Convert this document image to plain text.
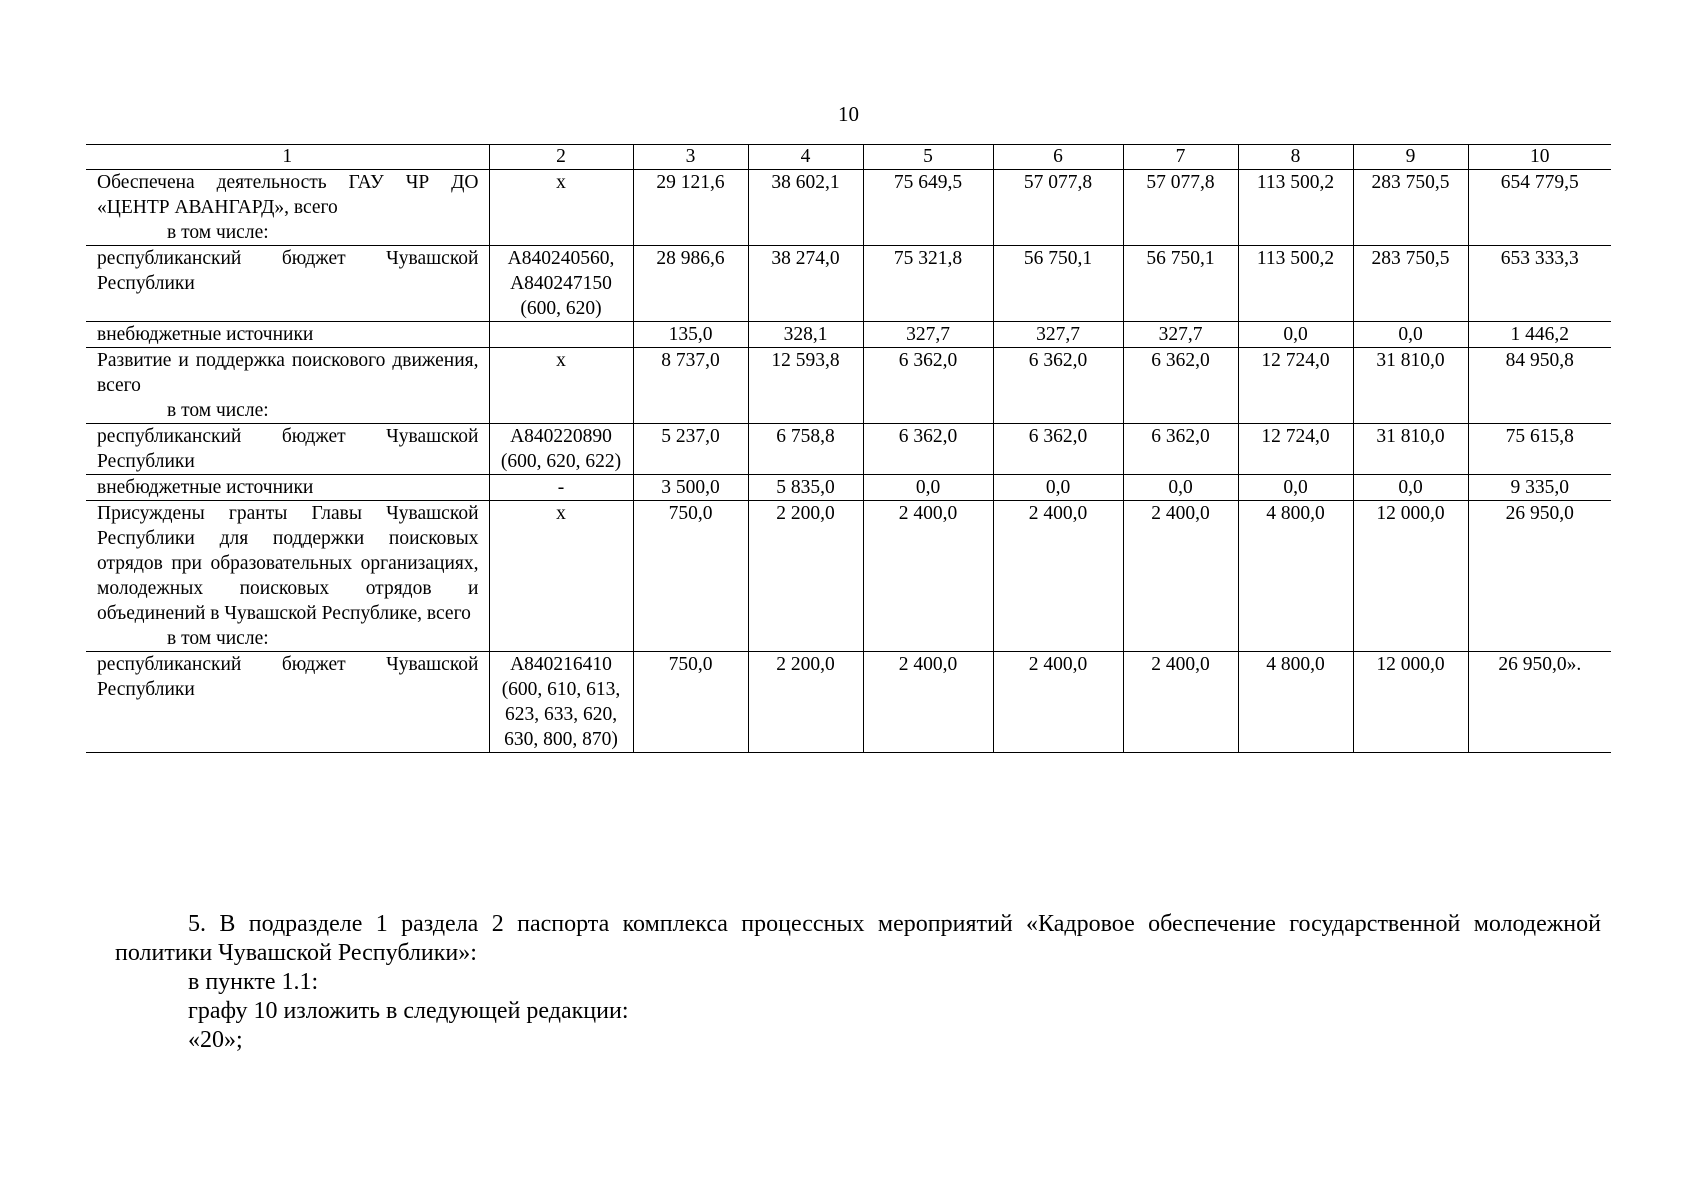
10
1	2	3	4	5	6	7	8	9	10
Обеспечена деятельность ГАУ ЧР ДО «ЦЕНТР АВАНГАРД», всего
в том числе:	х	29 121,6	38 602,1	75 649,5	57 077,8	57 077,8	113 500,2	283 750,5	654 779,5
республиканский бюджет Чувашской Республики	А840240560, А840247150 (600, 620)	28 986,6	38 274,0	75 321,8	56 750,1	56 750,1	113 500,2	283 750,5	653 333,3
внебюджетные источники		135,0	328,1	327,7	327,7	327,7	0,0	0,0	1 446,2
Развитие и поддержка поискового движения, всего
в том числе:	х	8 737,0	12 593,8	6 362,0	6 362,0	6 362,0	12 724,0	31 810,0	84 950,8
республиканский бюджет Чувашской Республики	А840220890 (600, 620, 622)	5 237,0	6 758,8	6 362,0	6 362,0	6 362,0	12 724,0	31 810,0	75 615,8
внебюджетные источники	-	3 500,0	5 835,0	0,0	0,0	0,0	0,0	0,0	9 335,0
Присуждены гранты Главы Чувашской Республики для поддержки поисковых отрядов при образовательных организациях, молодежных поисковых отрядов и объединений в Чувашской Республике, всего
в том числе:	х	750,0	2 200,0	2 400,0	2 400,0	2 400,0	4 800,0	12 000,0	26 950,0
республиканский бюджет Чувашской Республики	А840216410 (600, 610, 613, 623, 633, 620, 630, 800, 870)	750,0	2 200,0	2 400,0	2 400,0	2 400,0	4 800,0	12 000,0	26 950,0».
5. В подразделе 1 раздела 2 паспорта комплекса процессных мероприятий «Кадровое обеспечение государственной молодежной политики Чувашской Республики»:
в пункте 1.1:
графу 10 изложить в следующей редакции:
«20»;
